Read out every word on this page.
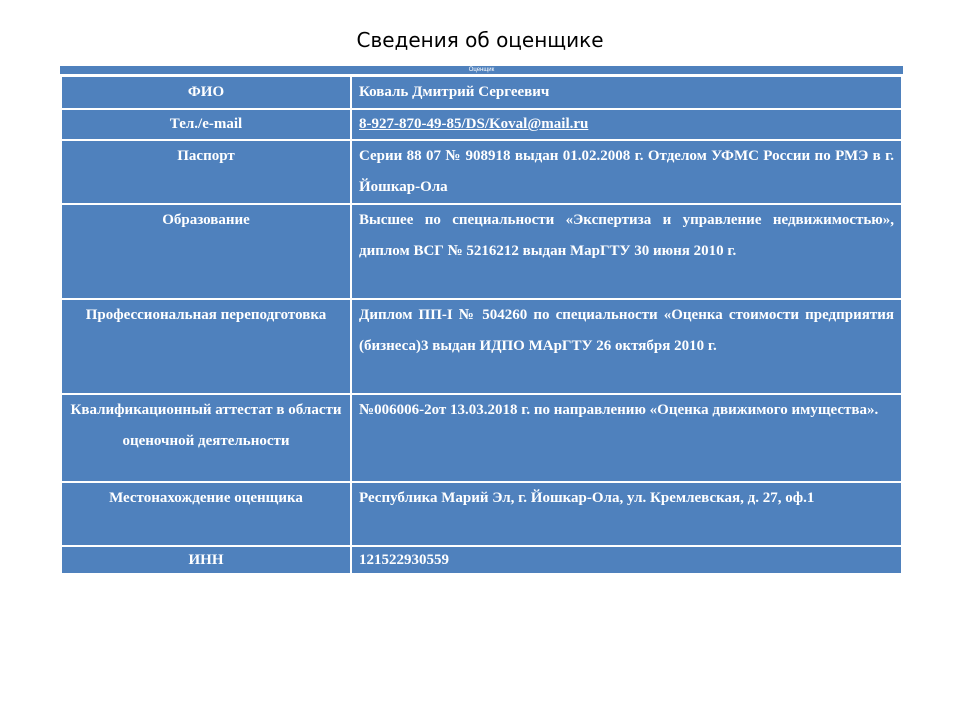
Сведения об оценщике
Оценщик
ФИО	Коваль Дмитрий Сергеевич
Тел./e-mail	8-927-870-49-85/DS/Koval@mail.ru
Паспорт	Серии 88 07 № 908918 выдан 01.02.2008 г. Отделом УФМС России по РМЭ в г. Йошкар-Ола
Образование	Высшее по специальности «Экспертиза и управление недвижимостью», диплом ВСГ № 5216212 выдан МарГТУ 30 июня 2010 г.
Профессиональная переподготовка	Диплом ПП-I № 504260 по специальности «Оценка стоимости предприятия (бизнеса)3 выдан ИДПО МАрГТУ 26 октября 2010 г.
Квалификационный аттестат в области оценочной деятельности	№006006-2от 13.03.2018 г. по направлению «Оценка движимого имущества».
Местонахождение оценщика	Республика Марий Эл, г. Йошкар-Ола, ул. Кремлевская, д. 27, оф.1
ИНН	121522930559
